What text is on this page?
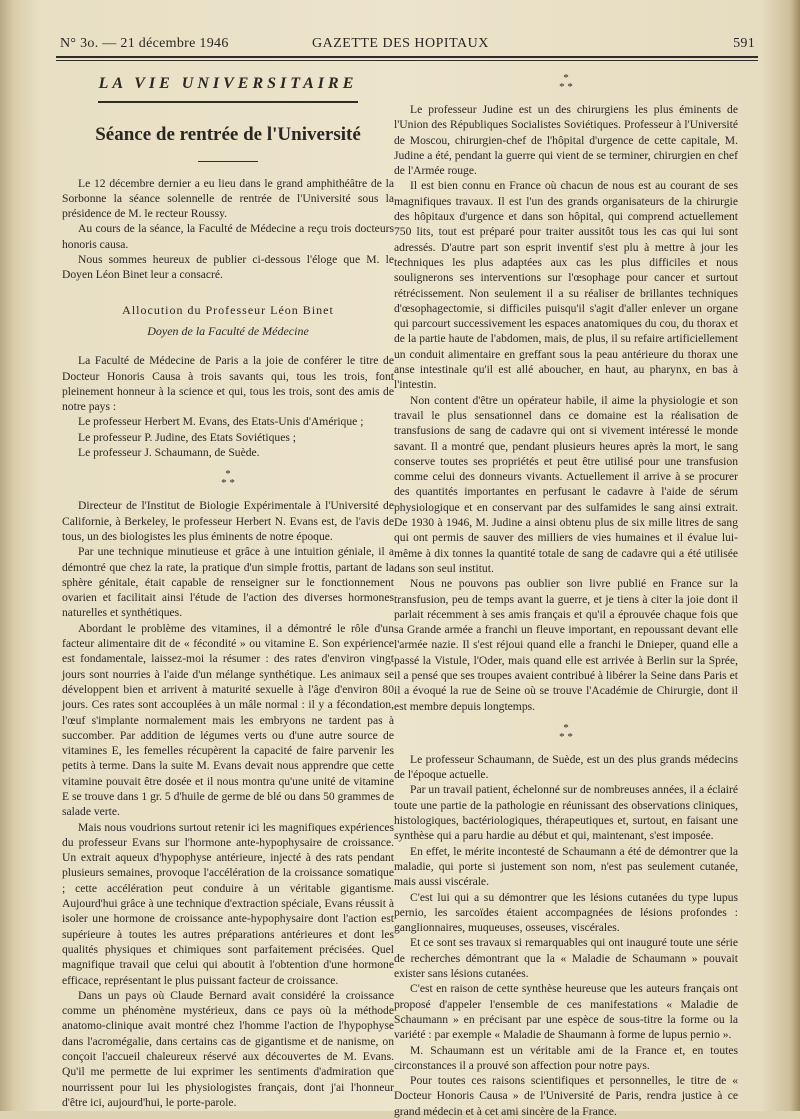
N° 3o. — 21 décembre 1946	GAZETTE DES HOPITAUX	591
LA VIE UNIVERSITAIRE
Séance de rentrée de l'Université

Le 12 décembre dernier a eu lieu dans le grand amphithéâtre de la Sorbonne la séance solennelle de rentrée de l'Université sous la présidence de M. le recteur Roussy.

Au cours de la séance, la Faculté de Médecine a reçu trois docteurs honoris causa.

Nous sommes heureux de publier ci-dessous l'éloge que M. le Doyen Léon Binet leur a consacré.

Allocution du Professeur Léon Binet
Doyen de la Faculté de Médecine

La Faculté de Médecine de Paris a la joie de conférer le titre de Docteur Honoris Causa à trois savants qui, tous les trois, font pleinement honneur à la science et qui, tous les trois, sont des amis de notre pays :

Le professeur Herbert M. Evans, des Etats-Unis d'Amérique ;

Le professeur P. Judine, des Etats Soviétiques ;

Le professeur J. Schaumann, de Suède.

*
* *

Directeur de l'Institut de Biologie Expérimentale à l'Université de Californie, à Berkeley, le professeur Herbert N. Evans est, de l'avis de tous, un des biologistes les plus éminents de notre époque.

Par une technique minutieuse et grâce à une intuition géniale, il a démontré que chez la rate, la pratique d'un simple frottis, partant de la sphère génitale, était capable de renseigner sur le fonctionnement ovarien et facilitait ainsi l'étude de l'action des diverses hormones naturelles et synthétiques.

Abordant le problème des vitamines, il a démontré le rôle d'un facteur alimentaire dit de « fécondité » ou vitamine E. Son expérience est fondamentale, laissez-moi la résumer : des rates d'environ vingt jours sont nourries à l'aide d'un mélange synthétique. Les animaux se développent bien et arrivent à maturité sexuelle à l'âge d'environ 80 jours. Ces rates sont accouplées à un mâle normal : il y a fécondation, l'œuf s'implante normalement mais les embryons ne tardent pas à succomber. Par addition de légumes verts ou d'une autre source de vitamines E, les femelles récupèrent la capacité de faire parvenir les petits à terme. Dans la suite M. Evans devait nous apprendre que cette vitamine pouvait être dosée et il nous montra qu'une unité de vitamine E se trouve dans 1 gr. 5 d'huile de germe de blé ou dans 50 grammes de salade verte.

Mais nous voudrions surtout retenir ici les magnifiques expériences du professeur Evans sur l'hormone ante-hypophysaire de croissance. Un extrait aqueux d'hypophyse antérieure, injecté à des rats pendant plusieurs semaines, provoque l'accélération de la croissance somatique ; cette accélération peut conduire à un véritable gigantisme. Aujourd'hui grâce à une technique d'extraction spéciale, Evans réussit à isoler une hormone de croissance ante-hypophysaire dont l'action est supérieure à toutes les autres préparations antérieures et dont les qualités physiques et chimiques sont parfaitement précisées. Quel magnifique travail que celui qui aboutit à l'obtention d'une hormone efficace, représentant le plus puissant facteur de croissance.

Dans un pays où Claude Bernard avait considéré la croissance comme un phénomène mystérieux, dans ce pays où la méthode anatomo-clinique avait montré chez l'homme l'action de l'hypophyse dans l'acromégalie, dans certains cas de gigantisme et de nanisme, on conçoit l'accueil chaleureux réservé aux découvertes de M. Evans. Qu'il me permette de lui exprimer les sentiments d'admiration que nourrissent pour lui les physiologistes français, dont j'ai l'honneur d'être ici, aujourd'hui, le porte-parole.

*
* *

Le professeur Judine est un des chirurgiens les plus éminents de l'Union des Républiques Socialistes Soviétiques. Professeur à l'Université de Moscou, chirurgien-chef de l'hôpital d'urgence de cette capitale, M. Judine a été, pendant la guerre qui vient de se terminer, chirurgien en chef de l'Armée rouge.

Il est bien connu en France où chacun de nous est au courant de ses magnifiques travaux. Il est l'un des grands organisateurs de la chirurgie des hôpitaux d'urgence et dans son hôpital, qui comprend actuellement 750 lits, tout est préparé pour traiter aussitôt tous les cas qui lui sont adressés. D'autre part son esprit inventif s'est plu à mettre à jour les techniques les plus adaptées aux cas les plus difficiles et nous soulignerons ses interventions sur l'œsophage pour cancer et surtout rétrécissement. Non seulement il a su réaliser de brillantes techniques d'œsophagectomie, si difficiles puisqu'il s'agit d'aller enlever un organe qui parcourt successivement les espaces anatomiques du cou, du thorax et de la partie haute de l'abdomen, mais, de plus, il su refaire artificiellement un conduit alimentaire en greffant sous la peau antérieure du thorax une anse intestinale qu'il est allé aboucher, en haut, au pharynx, en bas à l'intestin.

Non content d'être un opérateur habile, il aime la physiologie et son travail le plus sensationnel dans ce domaine est la réalisation de transfusions de sang de cadavre qui ont si vivement intéressé le monde savant. Il a montré que, pendant plusieurs heures après la mort, le sang conserve toutes ses propriétés et peut être utilisé pour une transfusion comme celui des donneurs vivants. Actuellement il arrive à se procurer des quantités importantes en perfusant le cadavre à l'aide de sérum physiologique et en conservant par des sulfamides le sang ainsi extrait. De 1930 à 1946, M. Judine a ainsi obtenu plus de six mille litres de sang qui ont permis de sauver des milliers de vies humaines et il évalue lui-même à dix tonnes la quantité totale de sang de cadavre qui a été utilisée dans son seul institut.

Nous ne pouvons pas oublier son livre publié en France sur la transfusion, peu de temps avant la guerre, et je tiens à citer la joie dont il parlait récemment à ses amis français et qu'il a éprouvée chaque fois que sa Grande armée a franchi un fleuve important, en repoussant devant elle l'armée nazie. Il s'est réjoui quand elle a franchi le Dnieper, quand elle a passé la Vistule, l'Oder, mais quand elle est arrivée à Berlin sur la Sprée, il a pensé que ses troupes avaient contribué à libérer la Seine dans Paris et il a évoqué la rue de Seine où se trouve l'Académie de Chirurgie, dont il est membre depuis longtemps.

*
* *

Le professeur Schaumann, de Suède, est un des plus grands médecins de l'époque actuelle.

Par un travail patient, échelonné sur de nombreuses années, il a éclairé toute une partie de la pathologie en réunissant des observations cliniques, histologiques, bactériologiques, thérapeutiques et, surtout, en faisant une synthèse qui a paru hardie au début et qui, maintenant, s'est imposée.

En effet, le mérite incontesté de Schaumann a été de démontrer que la maladie, qui porte si justement son nom, n'est pas seulement cutanée, mais aussi viscérale.

C'est lui qui a su démontrer que les lésions cutanées du type lupus pernio, les sarcoïdes étaient accompagnées de lésions profondes : ganglionnaires, muqueuses, osseuses, viscérales.

Et ce sont ses travaux si remarquables qui ont inauguré toute une série de recherches démontrant que la « Maladie de Schaumann » pouvait exister sans lésions cutanées.

C'est en raison de cette synthèse heureuse que les auteurs français ont proposé d'appeler l'ensemble de ces manifestations « Maladie de Schaumann » en précisant par une espèce de sous-titre la forme ou la variété : par exemple « Maladie de Shaumann à forme de lupus pernio ».

M. Schaumann est un véritable ami de la France et, en toutes circonstances il a prouvé son affection pour notre pays.

Pour toutes ces raisons scientifiques et personnelles, le titre de « Docteur Honoris Causa » de l'Université de Paris, rendra justice à ce grand médecin et à cet ami sincère de la France.
